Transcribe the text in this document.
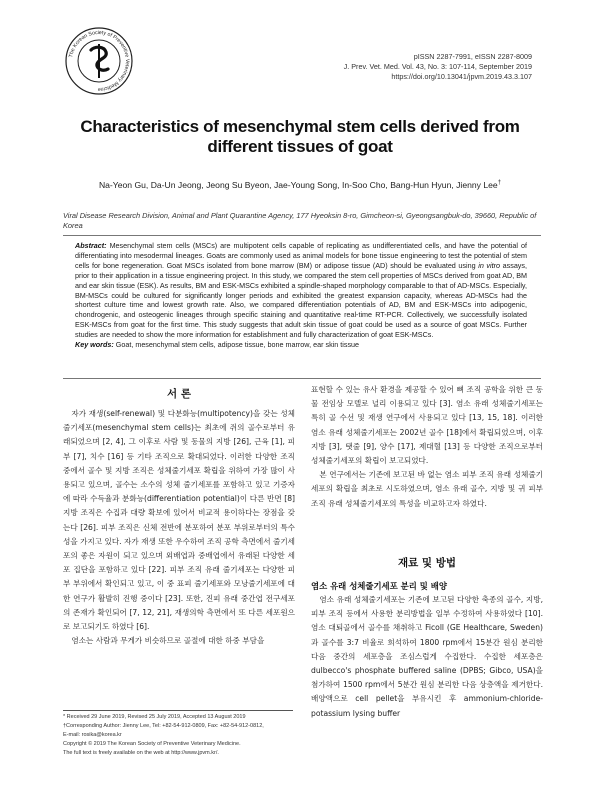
The Korean Society of Preventive Veterinary Medicine
pISSN 2287-7991, eISSN 2287-8009
J. Prev. Vet. Med. Vol. 43, No. 3: 107-114, September 2019
https://doi.org/10.13041/jpvm.2019.43.3.107
Characteristics of mesenchymal stem cells derived from
different tissues of goat
Na-Yeon Gu, Da-Un Jeong, Jeong Su Byeon, Jae-Young Song, In-Soo Cho, Bang-Hun Hyun, Jienny Lee†
Viral Disease Research Division, Animal and Plant Quarantine Agency, 177 Hyeoksin 8-ro, Gimcheon-si, Gyeongsangbuk-do, 39660, Republic of Korea
Abstract: Mesenchymal stem cells (MSCs) are multipotent cells capable of replicating as undifferentiated cells, and have the potential of differentiating into mesodermal lineages. Goats are commonly used as animal models for bone tissue engineering to test the potential of stem cells for bone regeneration. Goat MSCs isolated from bone marrow (BM) or adipose tissue (AD) should be evaluated using in vitro assays, prior to their application in a tissue engineering project. In this study, we compared the stem cell properties of MSCs derived from goat AD, BM and ear skin tissue (ESK). As results, BM and ESK-MSCs exhibited a spindle-shaped morphology comparable to that of AD-MSCs. Especially, BM-MSCs could be cultured for significantly longer periods and exhibited the greatest expansion capacity, whereas AD-MSCs had the shortest culture time and lowest growth rate. Also, we compared differentiation potentials of AD, BM and ESK-MSCs into adipogenic, chondrogenic, and osteogenic lineages through specific staining and quantitative real-time RT-PCR. Collectively, we successfully isolated ESK-MSCs from goat for the first time. This study suggests that adult skin tissue of goat could be used as a source of goat MSCs. Further studies are needed to show the more information for establishment and fully characterization of goat ESK-MSCs.
Key words: Goat, mesenchymal stem cells, adipose tissue, bone marrow, ear skin tissue
서 론

자가 재생(self-renewal) 및 다분화능(multipotency)을 갖는 성체줄기세포(mesenchymal stem cells)는 최초에 쥐의 골수로부터 유래되었으며 [2, 4], 그 이후로 사람 및 동물의 지방 [26], 근육 [1], 피부 [7], 치수 [16] 등 기타 조직으로 확대되었다. 이러한 다양한 조직 중에서 골수 및 지방 조직은 성체줄기세포 확립을 위하여 가장 많이 사용되고 있으며, 골수는 소수의 성체 줄기세포를 포함하고 있고 기증자에 따라 수득율과 분화능(differentiation potential)이 다른 반면 [8] 지방 조직은 수집과 대량 확보에 있어서 비교적 용이하다는 장점을 갖는다 [26]. 피부 조직은 신체 전반에 분포하여 분포 부위로부터의 특수성을 가지고 있다. 자가 재생 또한 우수하여 조직 공학 측면에서 줄기세포의 좋은 자원이 되고 있으며 외배엽과 중배엽에서 유래된 다양한 세포 집단을 포함하고 있다 [22]. 피부 조직 유래 줄기세포는 다양한 피부 부위에서 확인되고 있고, 이 중 표피 줄기세포와 모낭줄기세포에 대한 연구가 활발히 진행 중이다 [23]. 또한, 진피 유래 중간엽 전구세포의 존재가 확인되어 [7, 12, 21], 재생의학 측면에서 또 다른 세포원으로 보고되기도 하였다 [6].

염소는 사람과 무게가 비슷하므로 골절에 대한 하중 부담을

표현할 수 있는 유사 환경을 제공할 수 있어 뼈 조직 공학을 위한 큰 동물 전임상 모델로 널리 이용되고 있다 [3]. 염소 유래 성체줄기세포는 특히 골 수선 및 재생 연구에서 사용되고 있다 [13, 15, 18]. 이러한 염소 유래 성체줄기세포는 2002년 골수 [18]에서 확립되었으며, 이후 지방 [3], 탯줄 [9], 양수 [17], 제대혈 [13] 등 다양한 조직으로부터 성체줄기세포의 확립이 보고되었다.

본 연구에서는 기존에 보고된 바 없는 염소 피부 조직 유래 성체줄기세포의 확립을 최초로 시도하였으며, 염소 유래 골수, 지방 및 귀 피부 조직 유래 성체줄기세포의 특성을 비교하고자 하였다.

재료 및 방법
염소 유래 성체줄기세포 분리 및 배양

염소 유래 성체줄기세포는 기존에 보고된 다양한 축종의 골수, 지방, 피부 조직 등에서 사용한 분리방법을 일부 수정하여 사용하였다 [10]. 염소 대퇴골에서 골수를 채취하고 Ficoll (GE Healthcare, Sweden)과 골수를 3:7 비율로 희석하여 1800 rpm에서 15분간 원심 분리한 다음 중간의 세포층을 조심스럽게 수집한다. 수집한 세포층은 dulbecco's phosphate buffered saline (DPBS; Gibco, USA)을 첨가하여 1500 rpm에서 5분간 원심 분리한 다음 상층액을 제거한다. 배양액으로 cell pellet을 부유시킨 후 ammonium-chloride-potassium lysing buffer

* Received 29 June 2019, Revised 25 July 2019, Accepted 13 August 2019
†Corresponding Author: Jienny Lee, Tel: +82-54-912-0809, Fax: +82-54-912-0812,
E-mail: rosika@korea.kr
Copyright © 2019 The Korean Society of Preventive Veterinary Medicine.
The full text is freely available on the web at http://www.jpvm.kr/.
